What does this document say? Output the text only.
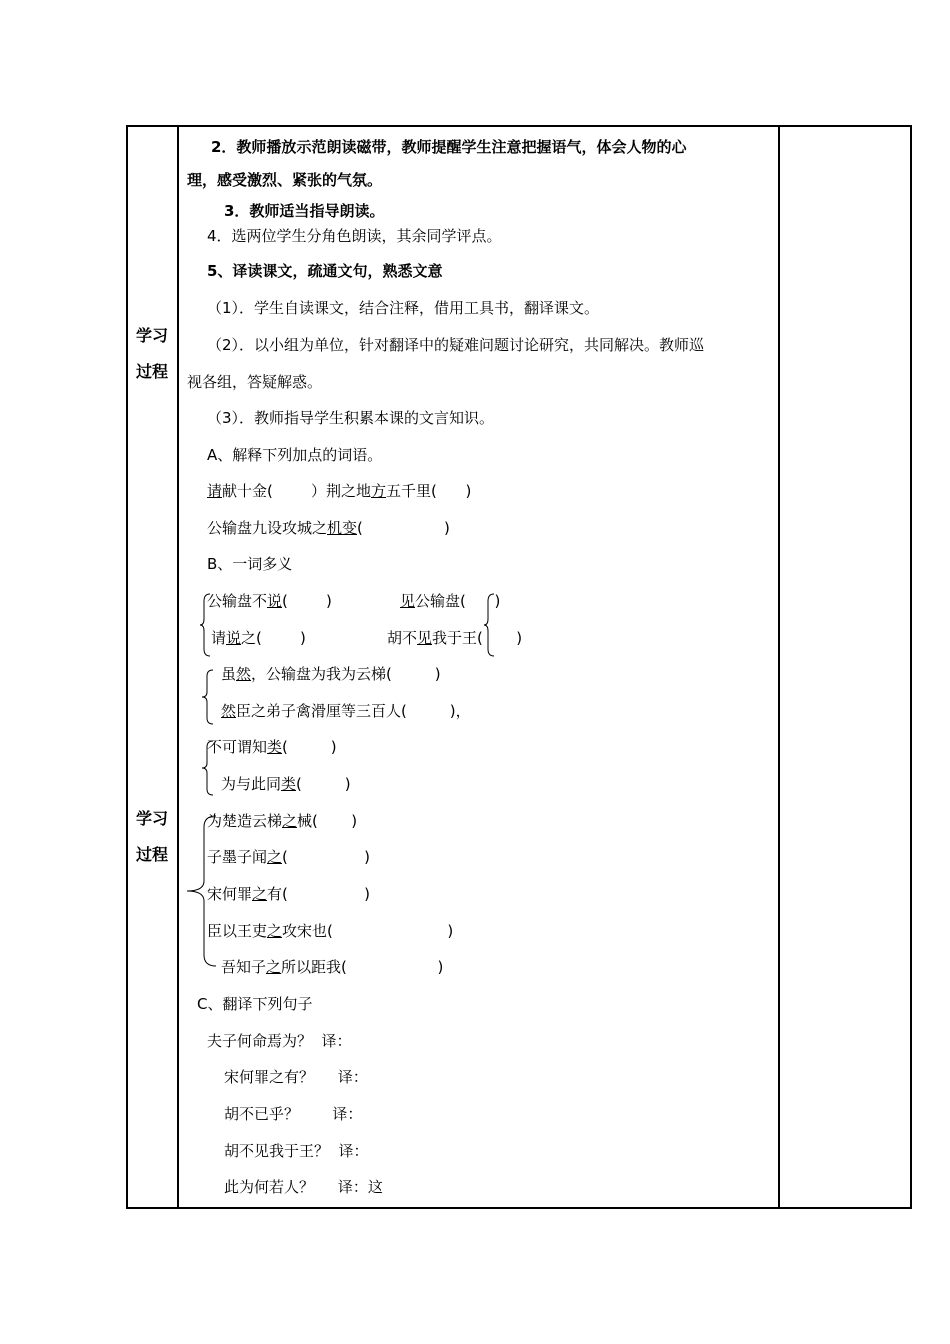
学习
过程
学习
过程
2．教师播放示范朗读磁带，教师提醒学生注意把握语气，体会人物的心
理，感受激烈、紧张的气氛。
3．教师适当指导朗读。
4．选两位学生分角色朗读，其余同学评点。
5、译读课文，疏通文句，熟悉文意
（1）．学生自读课文，结合注释，借用工具书，翻译课文。
（2）．以小组为单位，针对翻译中的疑难问题讨论研究，共同解决。教师巡
视各组，答疑解惑。
（3）．教师指导学生积累本课的文言知识。
A、解释下列加点的词语。
请献十金(        ）荆之地方五千里(      )
公输盘九设攻城之机变(                 )
B、一词多义
公输盘不说(        )	见公输盘(      )
请说之(        )	胡不见我于王(       )
虽然，公输盘为我为云梯(         )
然臣之弟子禽滑厘等三百人(         )，
不可谓知类(         )
为与此同类(         )
为楚造云梯之械(       )
子墨子闻之(                )
宋何罪之有(                )
臣以王吏之攻宋也(                        )
吾知子之所以距我(                   )
C、翻译下列句子
夫子何命焉为？  译：
宋何罪之有？     译：
胡不已乎？       译：
胡不见我于王？  译：
此为何若人？     译：这
